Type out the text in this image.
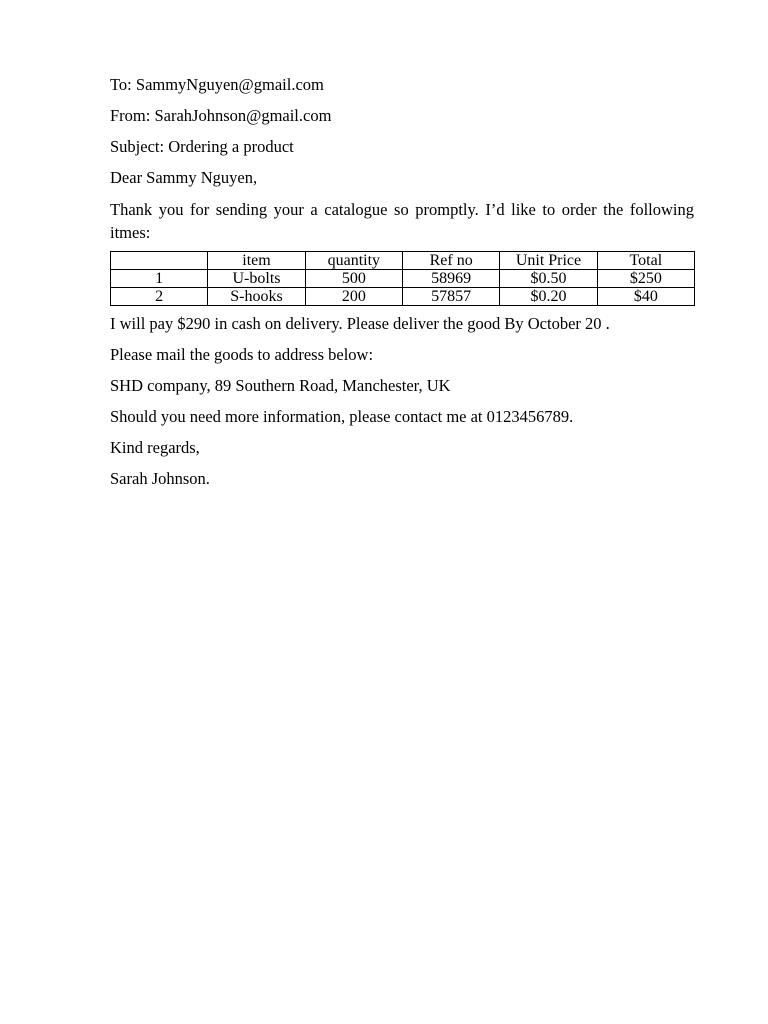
To: SammyNguyen@gmail.com

From: SarahJohnson@gmail.com

Subject: Ordering a product

Dear Sammy Nguyen,

Thank you for sending your a catalogue so promptly. I’d like to order the following itmes:

	item	quantity	Ref no	Unit Price	Total
1	U-bolts	500	58969	$0.50	$250
2	S-hooks	200	57857	$0.20	$40

I will pay $290 in cash on delivery. Please deliver the good By October 20 .

Please mail the goods to address below:

SHD company, 89 Southern Road, Manchester, UK

Should you need more information, please contact me at 0123456789.

Kind regards,

Sarah Johnson.
